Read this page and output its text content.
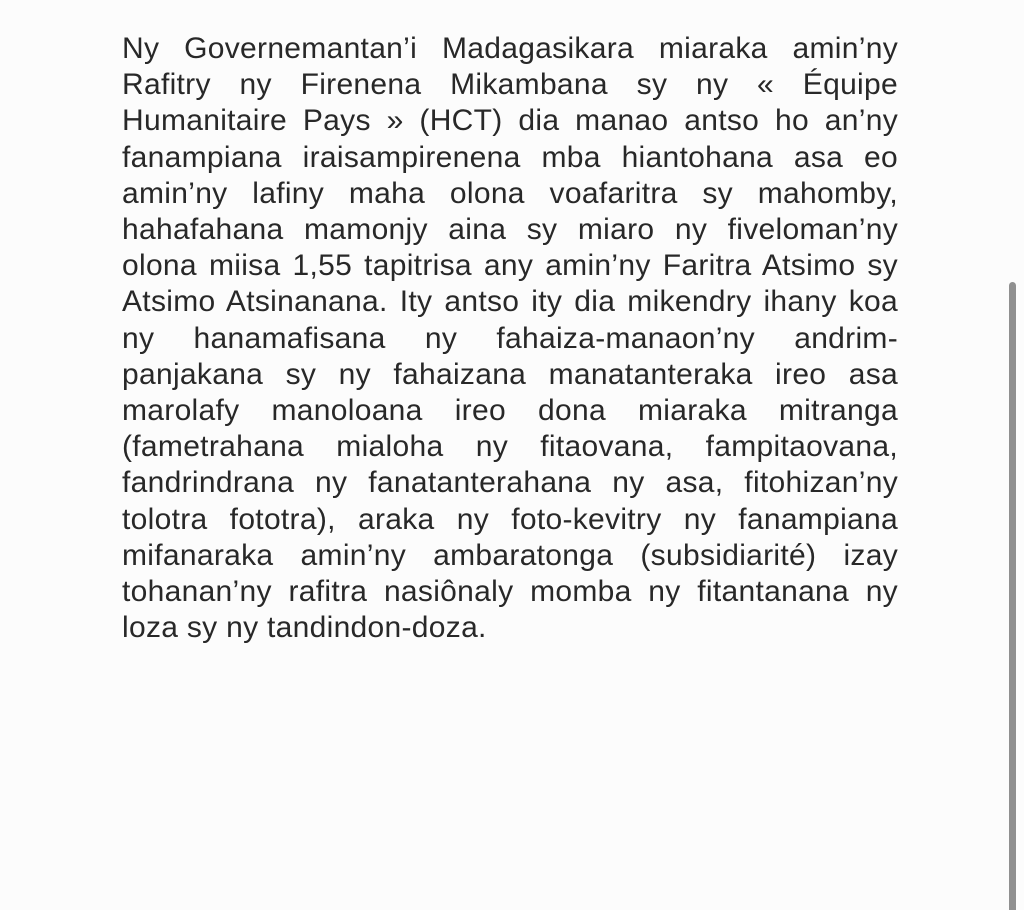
Ny Governemantan’i Madagasikara miaraka amin’ny
Rafitry ny Firenena Mikambana sy ny « Équipe
Humanitaire Pays » (HCT) dia manao antso ho an’ny
fanampiana iraisampirenena mba hiantohana asa eo
amin’ny lafiny maha olona voafaritra sy mahomby,
hahafahana mamonjy aina sy miaro ny fiveloman’ny
olona miisa 1,55 tapitrisa any amin’ny Faritra Atsimo sy
Atsimo Atsinanana. Ity antso ity dia mikendry ihany koa
ny hanamafisana ny fahaiza-manaon’ny andrim-
panjakana sy ny fahaizana manatanteraka ireo asa
marolafy manoloana ireo dona miaraka mitranga
(fametrahana mialoha ny fitaovana, fampitaovana,
fandrindrana ny fanatanterahana ny asa, fitohizan’ny
tolotra fototra), araka ny foto-kevitry ny fanampiana
mifanaraka amin’ny ambaratonga (subsidiarité) izay
tohanan’ny rafitra nasiônaly momba ny fitantanana ny
loza sy ny tandindon-doza.
